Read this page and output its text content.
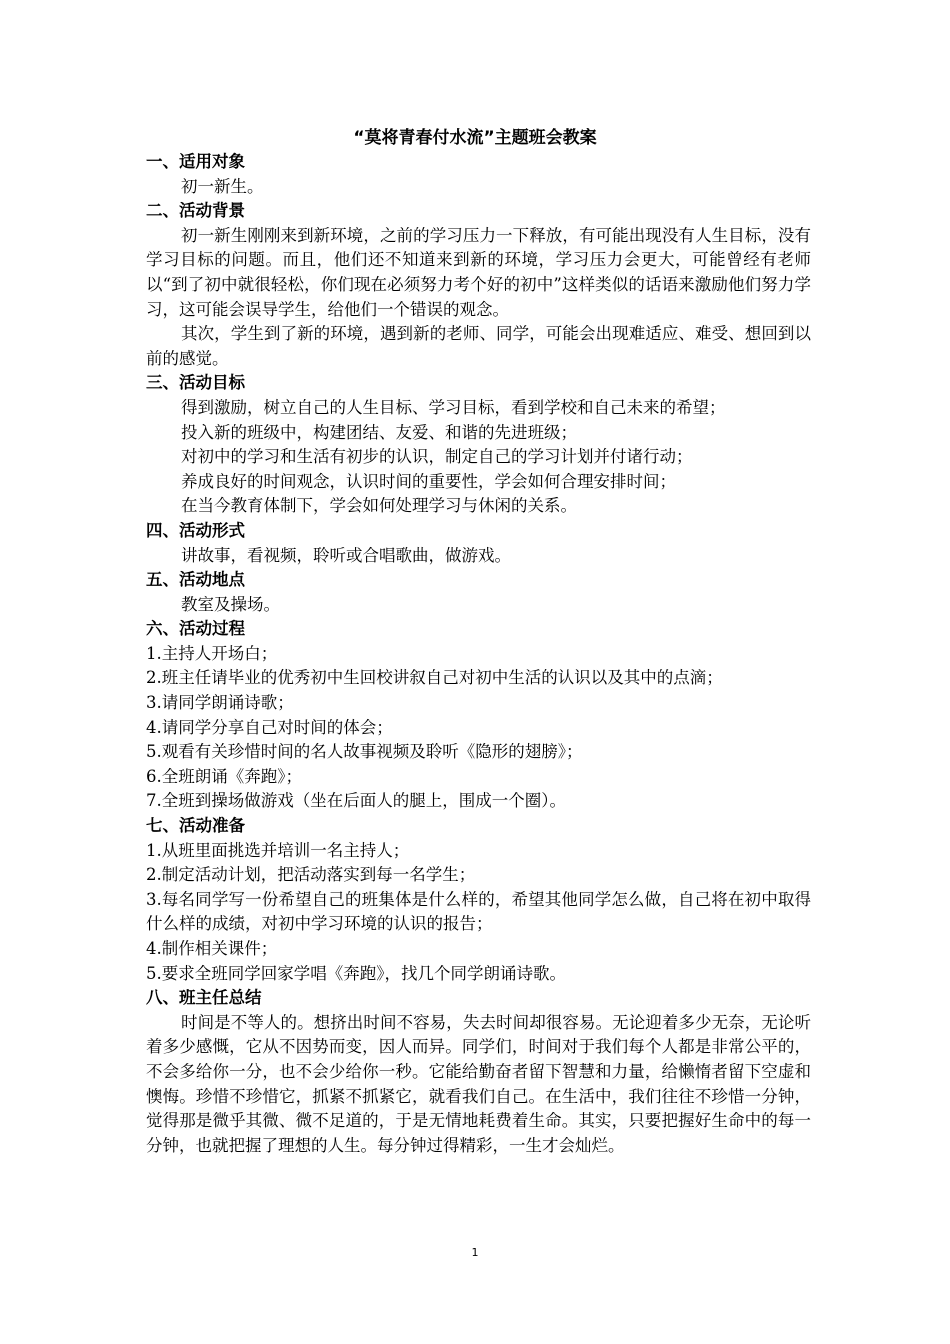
“莫将青春付水流”主题班会教案
一、适用对象
初一新生。
二、活动背景
初一新生刚刚来到新环境，之前的学习压力一下释放，有可能出现没有人生目标，没有学习目标的问题。而且，他们还不知道来到新的环境，学习压力会更大，可能曾经有老师以“到了初中就很轻松，你们现在必须努力考个好的初中”这样类似的话语来激励他们努力学习，这可能会误导学生，给他们一个错误的观念。
其次，学生到了新的环境，遇到新的老师、同学，可能会出现难适应、难受、想回到以前的感觉。
三、活动目标
得到激励，树立自己的人生目标、学习目标，看到学校和自己未来的希望；
投入新的班级中，构建团结、友爱、和谐的先进班级；
对初中的学习和生活有初步的认识，制定自己的学习计划并付诸行动；
养成良好的时间观念，认识时间的重要性，学会如何合理安排时间；
在当今教育体制下，学会如何处理学习与休闲的关系。
四、活动形式
讲故事，看视频，聆听或合唱歌曲，做游戏。
五、活动地点
教室及操场。
六、活动过程
1.主持人开场白；
2.班主任请毕业的优秀初中生回校讲叙自己对初中生活的认识以及其中的点滴；
3.请同学朗诵诗歌；
4.请同学分享自己对时间的体会；
5.观看有关珍惜时间的名人故事视频及聆听《隐形的翅膀》；
6.全班朗诵《奔跑》；
7.全班到操场做游戏（坐在后面人的腿上，围成一个圈）。
七、活动准备
1.从班里面挑选并培训一名主持人；
2.制定活动计划，把活动落实到每一名学生；
3.每名同学写一份希望自己的班集体是什么样的，希望其他同学怎么做，自己将在初中取得什么样的成绩，对初中学习环境的认识的报告；
4.制作相关课件；
5.要求全班同学回家学唱《奔跑》，找几个同学朗诵诗歌。
八、班主任总结
时间是不等人的。想挤出时间不容易，失去时间却很容易。无论迎着多少无奈，无论听着多少感慨，它从不因势而变，因人而异。同学们，时间对于我们每个人都是非常公平的，不会多给你一分，也不会少给你一秒。它能给勤奋者留下智慧和力量，给懒惰者留下空虚和懊悔。珍惜不珍惜它，抓紧不抓紧它，就看我们自己。在生活中，我们往往不珍惜一分钟，觉得那是微乎其微、微不足道的，于是无情地耗费着生命。其实，只要把握好生命中的每一分钟，也就把握了理想的人生。每分钟过得精彩，一生才会灿烂。
1
